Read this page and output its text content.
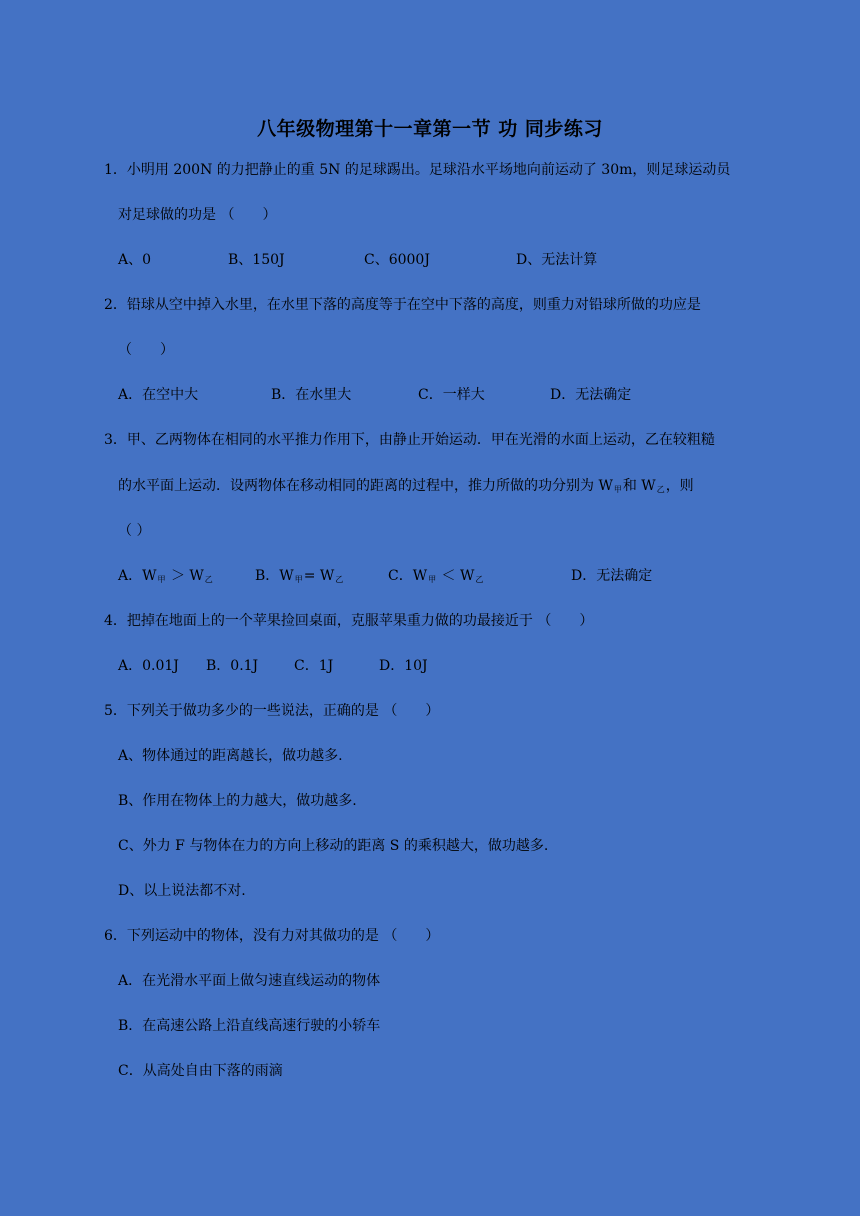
八年级物理第十一章第一节 功 同步练习
1．小明用 200N 的力把静止的重 5N 的足球踢出。足球沿水平场地向前运动了 30m，则足球运动员
对足球做的功是 （　　）
A、0	B、150J	C、6000J	D、无法计算
2．铅球从空中掉入水里，在水里下落的高度等于在空中下落的高度，则重力对铅球所做的功应是
（　　）
A．在空中大	B．在水里大	C．一样大	D．无法确定
3．甲、乙两物体在相同的水平推力作用下，由静止开始运动．甲在光滑的水面上运动，乙在较粗糙
的水平面上运动．设两物体在移动相同的距离的过程中，推力所做的功分别为 $W_甲$和 $W_乙$，则
（ ）
A．$W_甲 > W_乙$	B．$W_甲= W_乙$	C．$W_甲 < W_乙$	D．无法确定
4．把掉在地面上的一个苹果捡回桌面，克服苹果重力做的功最接近于 （　　）
A．0.01J B．0.1J	C．1J	D．10J
5．下列关于做功多少的一些说法，正确的是 （　　）
A、物体通过的距离越长，做功越多.
B、作用在物体上的力越大，做功越多.
C、外力 F 与物体在力的方向上移动的距离 S 的乘积越大，做功越多.
D、以上说法都不对.
6．下列运动中的物体，没有力对其做功的是 （　　）
A．在光滑水平面上做匀速直线运动的物体
B．在高速公路上沿直线高速行驶的小轿车
C．从高处自由下落的雨滴
